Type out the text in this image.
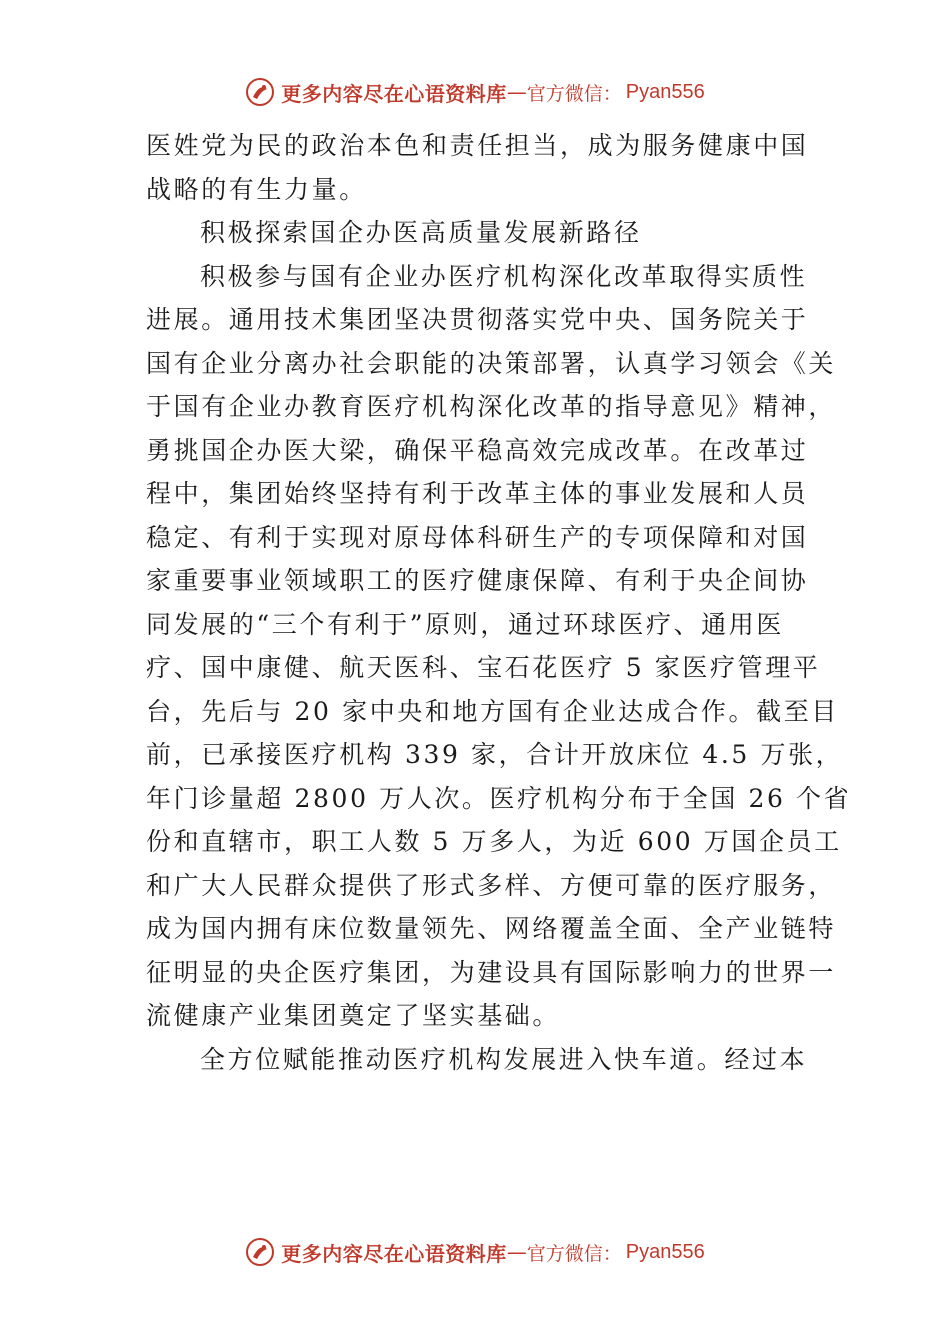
更多内容尽在心语资料库 — 官方微信： Pyan556
医姓党为民的政治本色和责任担当，成为服务健康中国
战略的有生力量。
积极探索国企办医高质量发展新路径
积极参与国有企业办医疗机构深化改革取得实质性
进展。通用技术集团坚决贯彻落实党中央、国务院关于
国有企业分离办社会职能的决策部署，认真学习领会《关
于国有企业办教育医疗机构深化改革的指导意见》精神，
勇挑国企办医大梁，确保平稳高效完成改革。在改革过
程中，集团始终坚持有利于改革主体的事业发展和人员
稳定、有利于实现对原母体科研生产的专项保障和对国
家重要事业领域职工的医疗健康保障、有利于央企间协
同发展的“三个有利于”原则，通过环球医疗、通用医
疗、国中康健、航天医科、宝石花医疗 5 家医疗管理平
台，先后与 20 家中央和地方国有企业达成合作。截至目
前，已承接医疗机构 339 家，合计开放床位 4.5 万张，
年门诊量超 2800 万人次。医疗机构分布于全国 26 个省
份和直辖市，职工人数 5 万多人，为近 600 万国企员工
和广大人民群众提供了形式多样、方便可靠的医疗服务，
成为国内拥有床位数量领先、网络覆盖全面、全产业链特
征明显的央企医疗集团，为建设具有国际影响力的世界一
流健康产业集团奠定了坚实基础。
全方位赋能推动医疗机构发展进入快车道。经过本
更多内容尽在心语资料库 — 官方微信： Pyan556
